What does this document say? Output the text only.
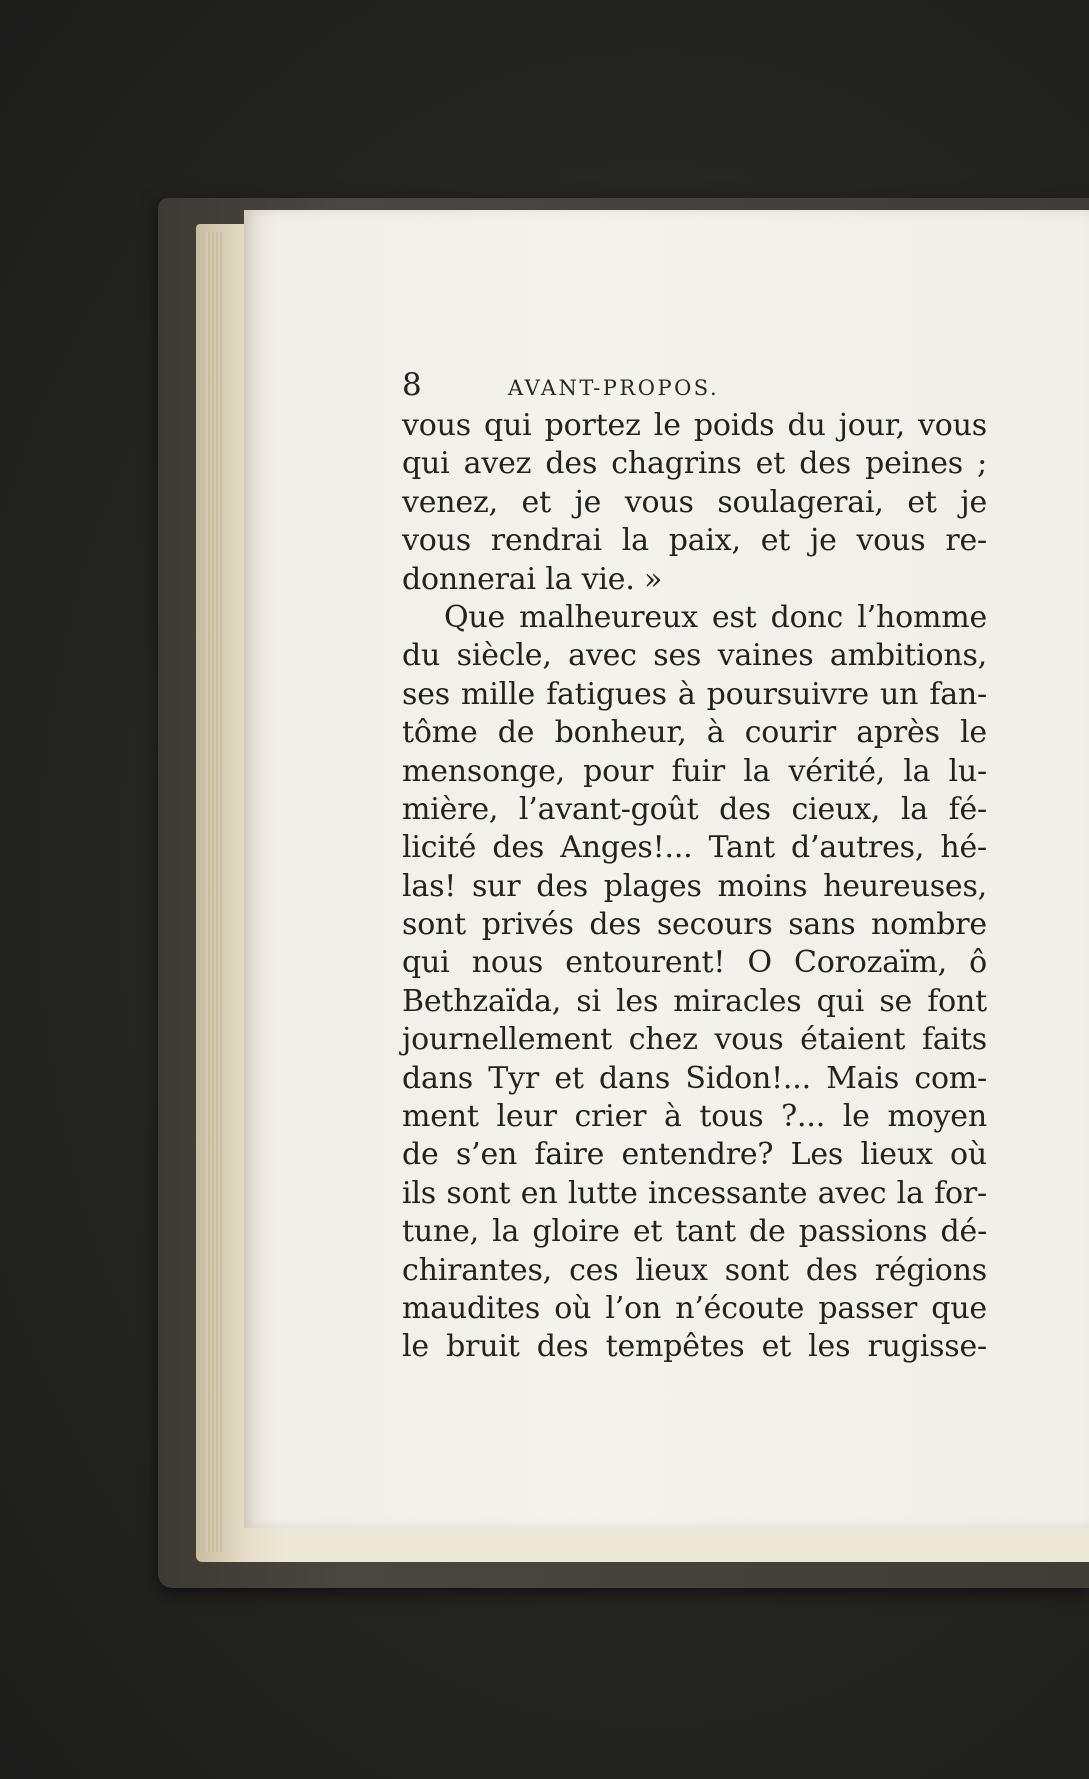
8	AVANT-PROPOS.
vous qui portez le poids du jour, vous
qui avez des chagrins et des peines ;
venez, et je vous soulagerai, et je
vous rendrai la paix, et je vous re-
donnerai la vie. »
Que malheureux est donc l’homme
du siècle, avec ses vaines ambitions,
ses mille fatigues à poursuivre un fan-
tôme de bonheur, à courir après le
mensonge, pour fuir la vérité, la lu-
mière, l’avant-goût des cieux, la fé-
licité des Anges!... Tant d’autres, hé-
las! sur des plages moins heureuses,
sont privés des secours sans nombre
qui nous entourent! O Corozaïm, ô
Bethzaïda, si les miracles qui se font
journellement chez vous étaient faits
dans Tyr et dans Sidon!... Mais com-
ment leur crier à tous ?... le moyen
de s’en faire entendre? Les lieux où
ils sont en lutte incessante avec la for-
tune, la gloire et tant de passions dé-
chirantes, ces lieux sont des régions
maudites où l’on n’écoute passer que
le bruit des tempêtes et les rugisse-
